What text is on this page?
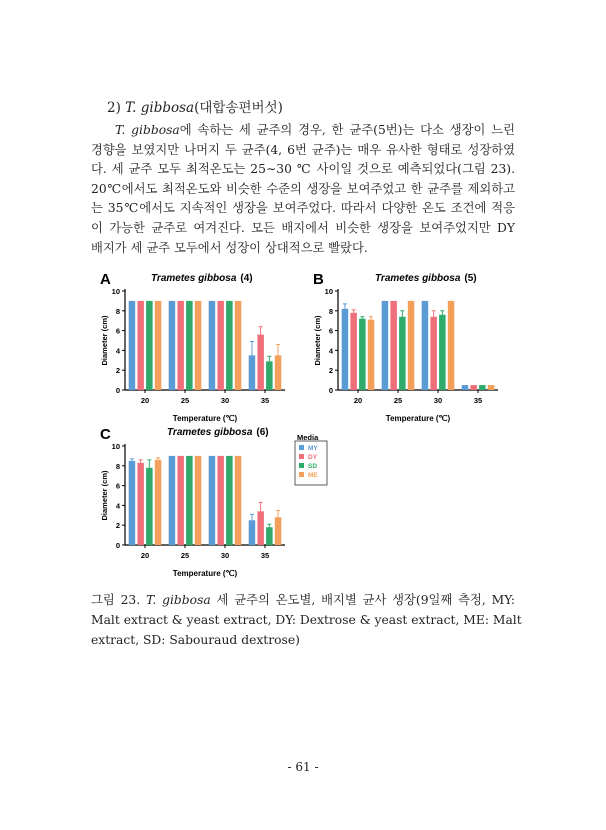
2) T. gibbosa(대합송편버섯)
T. gibbosa에 속하는 세 균주의 경우, 한 균주(5번)는 다소 생장이 느린
경향을 보였지만 나머지 두 균주(4, 6번 균주)는 매우 유사한 형태로 성장하였
다. 세 균주 모두 최적온도는 25∼30 ℃ 사이일 것으로 예측되었다(그림 23).
20℃에서도 최적온도와 비슷한 수준의 생장을 보여주었고 한 균주를 제외하고
는 35℃에서도 지속적인 생장을 보여주었다. 따라서 다양한 온도 조건에 적응
이 가능한 균주로 여겨진다. 모든 배지에서 비슷한 생장을 보여주었지만 DY
배지가 세 균주 모두에서 성장이 상대적으로 빨랐다.
A	Trametes gibbosa (4)
0
2
4
6
8
10
Diameter (cm)
20	25	30	35
Temperature (℃)
B	Trametes gibbosa (5)
0
2
4
6
8
10
Diameter (cm)
20	25	30	35
Temperature (℃)
C	Trametes gibbosa (6)
0
2
4
6
8
10
Diameter (cm)
20	25	30	35
Temperature (℃)
Media
MY
DY
SD
ME
그림 23. T. gibbosa 세 균주의 온도별, 배지별 균사 생장(9일째 측정, MY:
Malt extract & yeast extract, DY: Dextrose & yeast extract, ME: Malt
extract, SD: Sabouraud dextrose)
- 61 -
